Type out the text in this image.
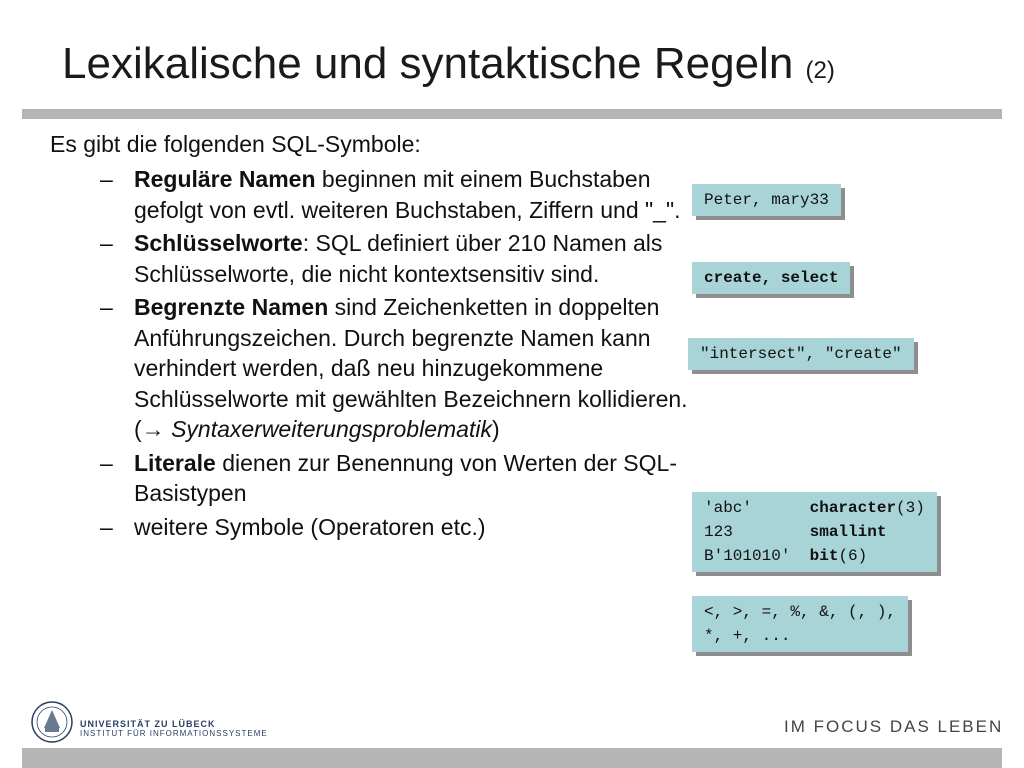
Lexikalische und syntaktische Regeln (2)
Es gibt die folgenden SQL-Symbole:
– Reguläre Namen beginnen mit einem Buchstaben gefolgt von evtl. weiteren Buchstaben, Ziffern und "_".
– Schlüsselworte: SQL definiert über 210 Namen als Schlüsselworte, die nicht kontextsensitiv sind.
– Begrenzte Namen sind Zeichenketten in doppelten Anführungszeichen. Durch begrenzte Namen kann verhindert werden, daß neu hinzugekommene Schlüsselworte mit gewählten Bezeichnern kollidieren. (→ Syntaxerweiterungsproblematik)
– Literale dienen zur Benennung von Werten der SQL-Basistypen
– weitere Symbole (Operatoren etc.)
Peter, mary33
create, select
"intersect", "create"
'abc'	character(3)
123	smallint
B'101010' bit(6)
<, >, =, %, &, (, ),
*, +, ...
UNIVERSITÄT ZU LÜBECK
INSTITUT FÜR INFORMATIONSSYSTEME	IM FOCUS DAS LEBEN
